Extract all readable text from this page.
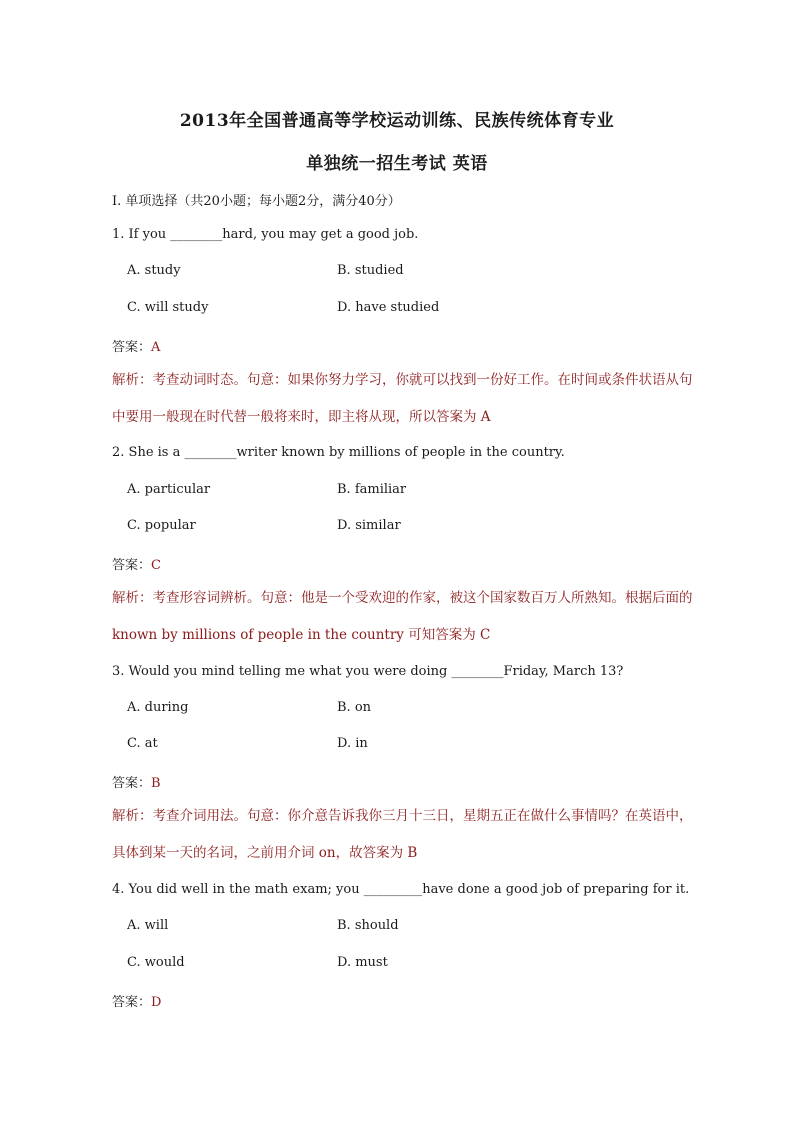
2013年全国普通高等学校运动训练、民族传统体育专业
单独统一招生考试 英语
I. 单项选择（共20小题；每小题2分，满分40分）
1. If you ________hard, you may get a good job.
A. study	B. studied
C. will study	D. have studied
答案：A
解析：考查动词时态。句意：如果你努力学习，你就可以找到一份好工作。在时间或条件状语从句中要用一般现在时代替一般将来时，即主将从现，所以答案为 A
2. She is a ________writer known by millions of people in the country.
A. particular	B. familiar
C. popular	D. similar
答案：C
解析：考查形容词辨析。句意：他是一个受欢迎的作家，被这个国家数百万人所熟知。根据后面的 known by millions of people in the country 可知答案为 C
3. Would you mind telling me what you were doing ________Friday, March 13?
A. during	B. on
C. at	D. in
答案：B
解析：考查介词用法。句意：你介意告诉我你三月十三日，星期五正在做什么事情吗？在英语中，具体到某一天的名词，之前用介词 on，故答案为 B
4. You did well in the math exam; you _________have done a good job of preparing for it.
A. will	B. should
C. would	D. must
答案：D
